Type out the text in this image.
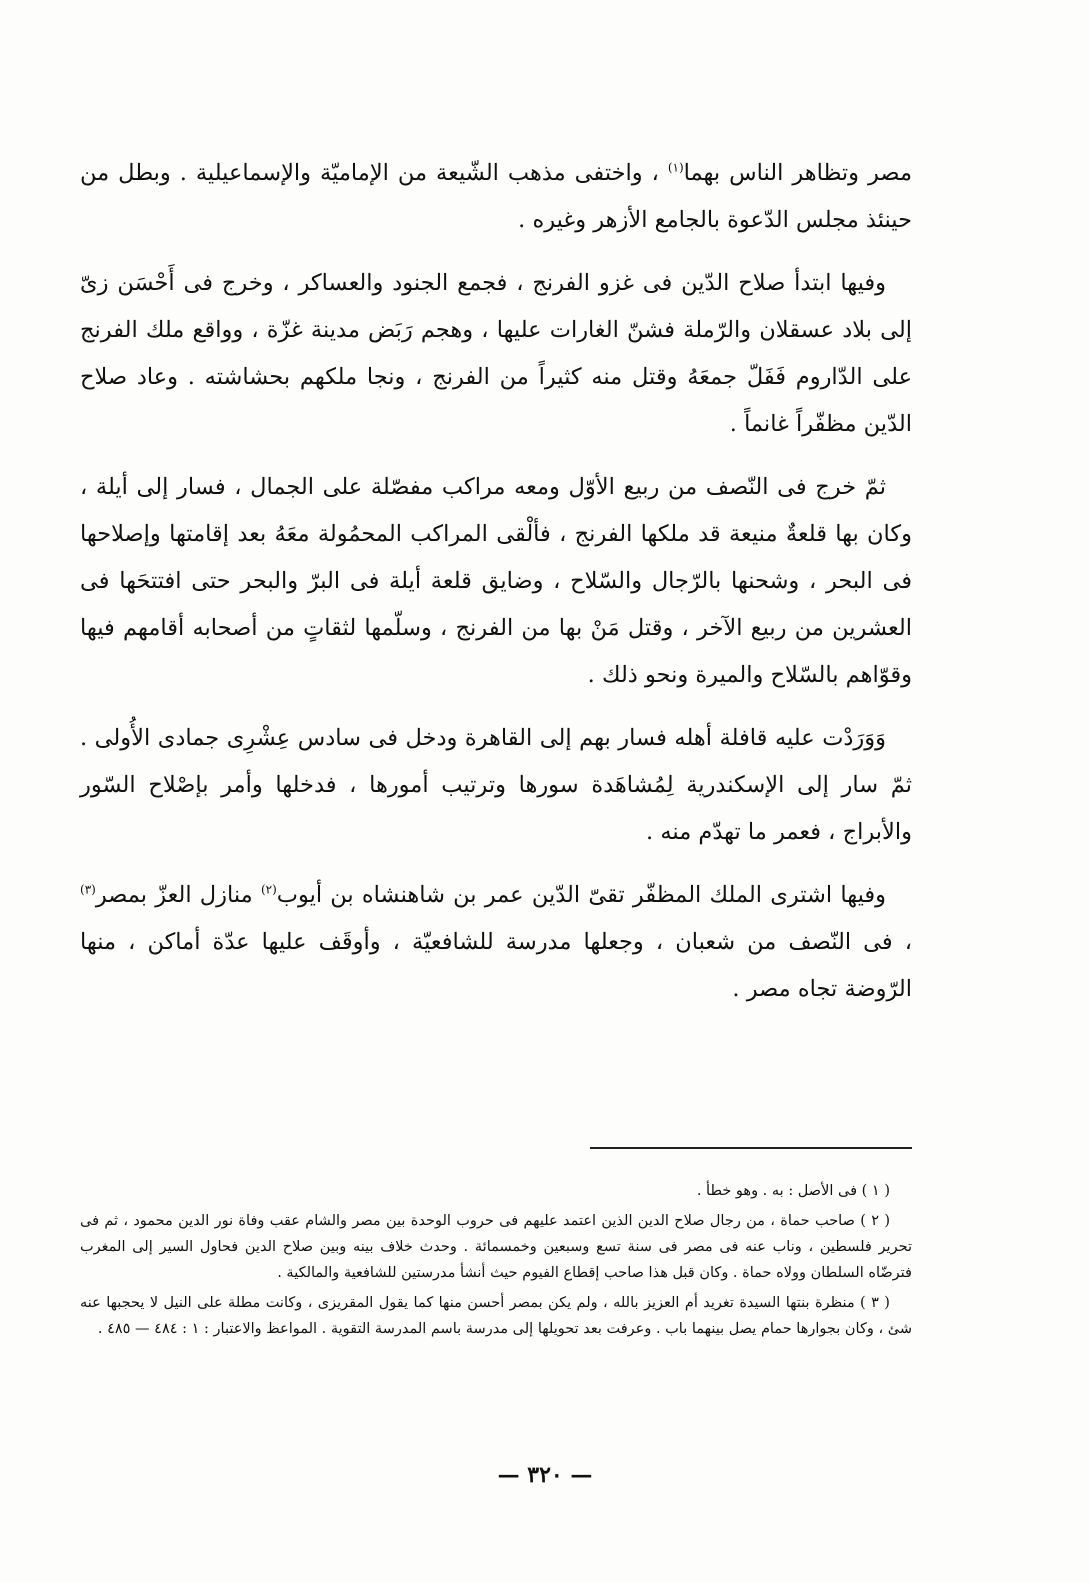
مصر وتظاهر الناس بهما$^{(١)}$ ، واختفى مذهب الشّيعة من الإماميّة والإسماعيلية . وبطل من حينئذ مجلس الدّعوة بالجامع الأزهر وغيره .

وفيها ابتدأ صلاح الدّين فى غزو الفرنج ، فجمع الجنود والعساكر ، وخرج فى أَحْسَن زىّ إلى بلاد عسقلان والرّملة فشنّ الغارات عليها ، وهجم رَبَض مدينة غزّة ، وواقع ملك الفرنج على الدّاروم فَفَلّ جمعَهُ وقتل منه كثيراً من الفرنج ، ونجا ملكهم بحشاشته . وعاد صلاح الدّين مظفّراً غانماً .

ثمّ خرج فى النّصف من ربيع الأوّل ومعه مراكب مفصّلة على الجمال ، فسار إلى أيلة ، وكان بها قلعةٌ منيعة قد ملكها الفرنج ، فألْقى المراكب المحمُولة معَهُ بعد إقامتها وإصلاحها فى البحر ، وشحنها بالرّجال والسّلاح ، وضايق قلعة أيلة فى البرّ والبحر حتى افتتحَها فى العشرين من ربيع الآخر ، وقتل مَنْ بها من الفرنج ، وسلّمها لثقاتٍ من أصحابه أقامهم فيها وقوّاهم بالسّلاح والميرة ونحو ذلك .

وَوَرَدْت عليه قافلة أهله فسار بهم إلى القاهرة ودخل فى سادس عِشْرِى جمادى الأُولى . ثمّ سار إلى الإسكندرية لِمُشاهَدة سورها وترتيب أمورها ، فدخلها وأمر بإصْلاح السّور والأبراج ، فعمر ما تهدّم منه .

وفيها اشترى الملك المظفّر تقىّ الدّين عمر بن شاهنشاه بن أيوب$^{(٢)}$ منازل العزّ بمصر$^{(٣)}$ ، فى النّصف من شعبان ، وجعلها مدرسة للشافعيّة ، وأوقَف عليها عدّة أماكن ، منها الرّوضة تجاه مصر .

( ١ ) فى الأصل : به . وهو خطأ .

( ٢ ) صاحب حماة ، من رجال صلاح الدين الذين اعتمد عليهم فى حروب الوحدة بين مصر والشام عقب وفاة نور الدين محمود ، ثم فى تحرير فلسطين ، وناب عنه فى مصر فى سنة تسع وسبعين وخمسمائة . وحدث خلاف بينه وبين صلاح الدين فحاول السير إلى المغرب فترضّاه السلطان وولاه حماة . وكان قبل هذا صاحب إقطاع الفيوم حيث أنشأ مدرستين للشافعية والمالكية .

( ٣ ) منظرة بنتها السيدة تغريد أم العزيز بالله ، ولم يكن بمصر أحسن منها كما يقول المقريزى ، وكانت مطلة على النيل لا يحجبها عنه شئ ، وكان بجوارها حمام يصل بينهما باب . وعرفت بعد تحويلها إلى مدرسة باسم المدرسة التقوية . المواعظ والاعتبار : ١ : ٤٨٤ — ٤٨٥ .

— ٣٢٠ —
